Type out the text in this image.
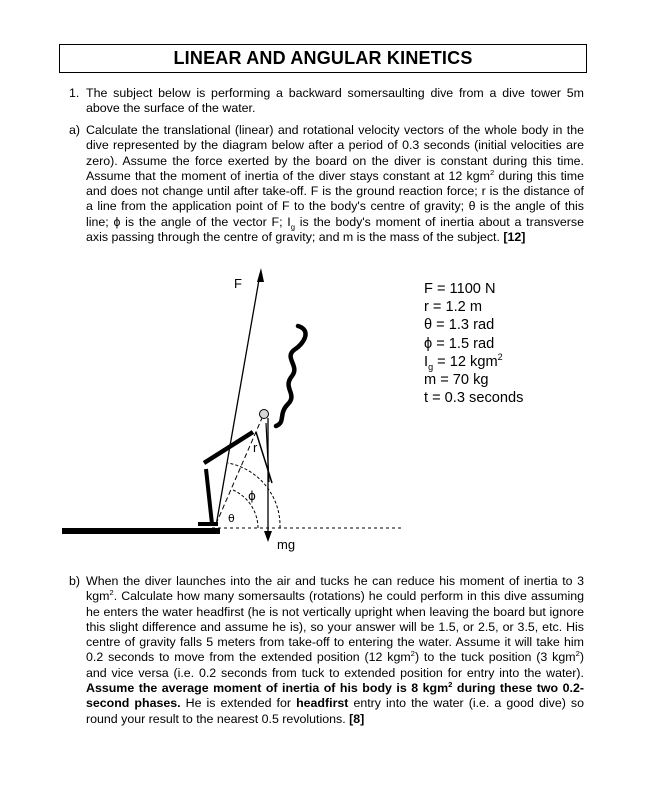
LINEAR AND ANGULAR KINETICS
1. The subject below is performing a backward somersaulting dive from a dive tower 5m above the surface of the water.
a) Calculate the translational (linear) and rotational velocity vectors of the whole body in the dive represented by the diagram below after a period of 0.3 seconds (initial velocities are zero). Assume the force exerted by the board on the diver is constant during this time. Assume that the moment of inertia of the diver stays constant at 12 kgm$^2$ during this time and does not change until after take-off. F is the ground reaction force; r is the distance of a line from the application point of F to the body's centre of gravity; θ is the angle of this line; ϕ is the angle of the vector F; $I_g$ is the body's moment of inertia about a transverse axis passing through the centre of gravity; and m is the mass of the subject. [12]
F
r
ϕ
θ
mg
F = 1100 N
r = 1.2 m
θ = 1.3 rad
ϕ = 1.5 rad
$I_g = 12$ kgm$^2$
m = 70 kg
t = 0.3 seconds
b) When the diver launches into the air and tucks he can reduce his moment of inertia to 3 kgm$^2$. Calculate how many somersaults (rotations) he could perform in this dive assuming he enters the water headfirst (he is not vertically upright when leaving the board but ignore this slight difference and assume he is), so your answer will be 1.5, or 2.5, or 3.5, etc. His centre of gravity falls 5 meters from take-off to entering the water. Assume it will take him 0.2 seconds to move from the extended position (12 kgm$^2$) to the tuck position (3 kgm$^2$) and vice versa (i.e. 0.2 seconds from tuck to extended position for entry into the water). Assume the average moment of inertia of his body is 8 kgm$^2$ during these two 0.2-second phases. He is extended for headfirst entry into the water (i.e. a good dive) so round your result to the nearest 0.5 revolutions. [8]
